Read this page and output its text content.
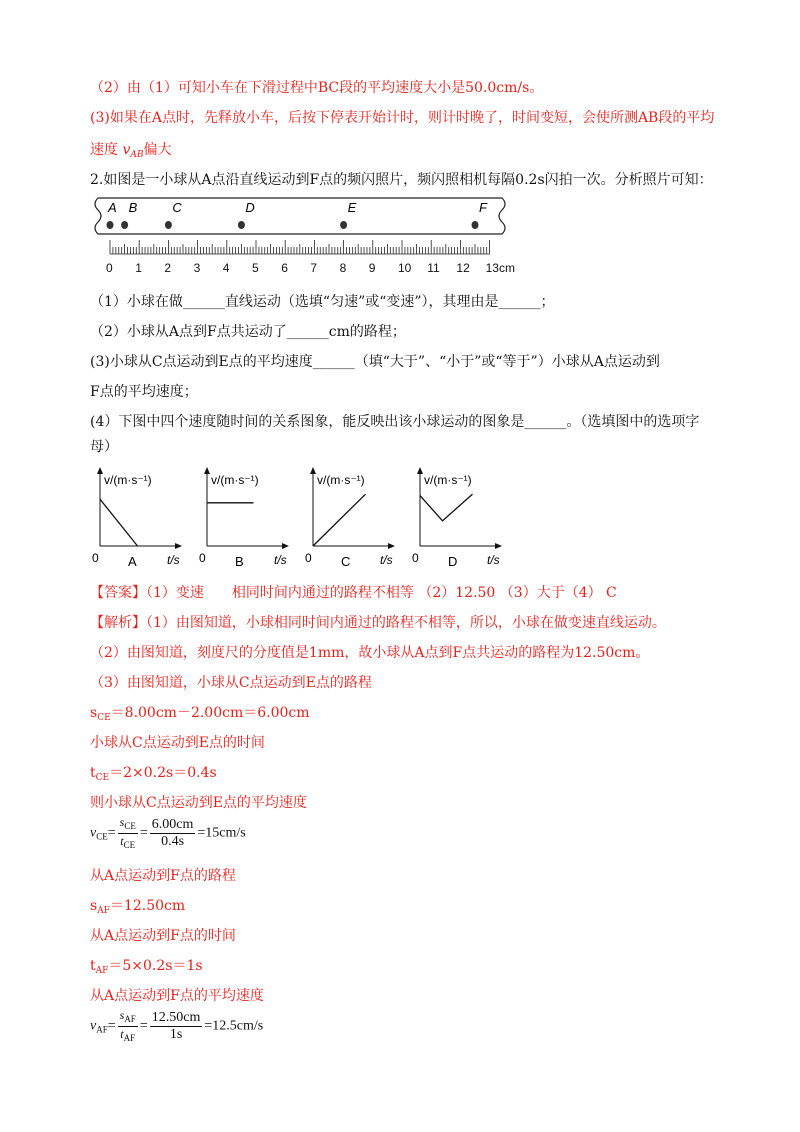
（2）由（1）可知小车在下滑过程中BC段的平均速度大小是50.0cm/s。
(3)如果在A点时，先释放小车，后按下停表开始计时，则计时晚了，时间变短，会使所测AB段的平均
速度 $v_{AB}$偏大
2.如图是一小球从A点沿直线运动到F点的频闪照片，频闪照相机每隔0.2s闪拍一次。分析照片可知：
A B	C	D	E	F
0 1 2 3 4 5 6 7 8 9 10 11 12 13cm
（1）小球在做______直线运动（选填“匀速”或“变速”），其理由是______；
（2）小球从A点到F点共运动了______cm的路程；
(3)小球从C点运动到E点的平均速度______（填“大于”、“小于”或“等于”）小球从A点运动到
F点的平均速度；
(4）下图中四个速度随时间的关系图象，能反映出该小球运动的图象是______。（选填图中的选项字
母）
v/(m·s⁻¹)
t/s
0 A
v/(m·s⁻¹)
t/s
0 B
v/(m·s⁻¹)
t/s
0 C
v/(m·s⁻¹)
t/s
0 D
【答案】（1）变速　　相同时间内通过的路程不相等 （2）12.50 （3）大于（4） C
【解析】（1）由图知道，小球相同时间内通过的路程不相等，所以，小球在做变速直线运动。
（2）由图知道，刻度尺的分度值是1mm，故小球从A点到F点共运动的路程为12.50cm。
（3）由图知道，小球从C点运动到E点的路程
$s_{CE}=8.00cm-2.00cm=6.00cm$
小球从C点运动到E点的时间
$t_{CE}=2\times 0.2s=0.4s$
则小球从C点运动到E点的平均速度
$v_{CE}= \frac{s_{CE}}{t_{CE}} = \frac{6.00cm}{0.4s} =15cm/s$
从A点运动到F点的路程
$s_{AF}=12.50cm$
从A点运动到F点的时间
$t_{AF}=5\times 0.2s=1s$
从A点运动到F点的平均速度
$v_{AF}= \frac{s_{AF}}{t_{AF}} = \frac{12.50cm}{1s} =12.5cm/s$
